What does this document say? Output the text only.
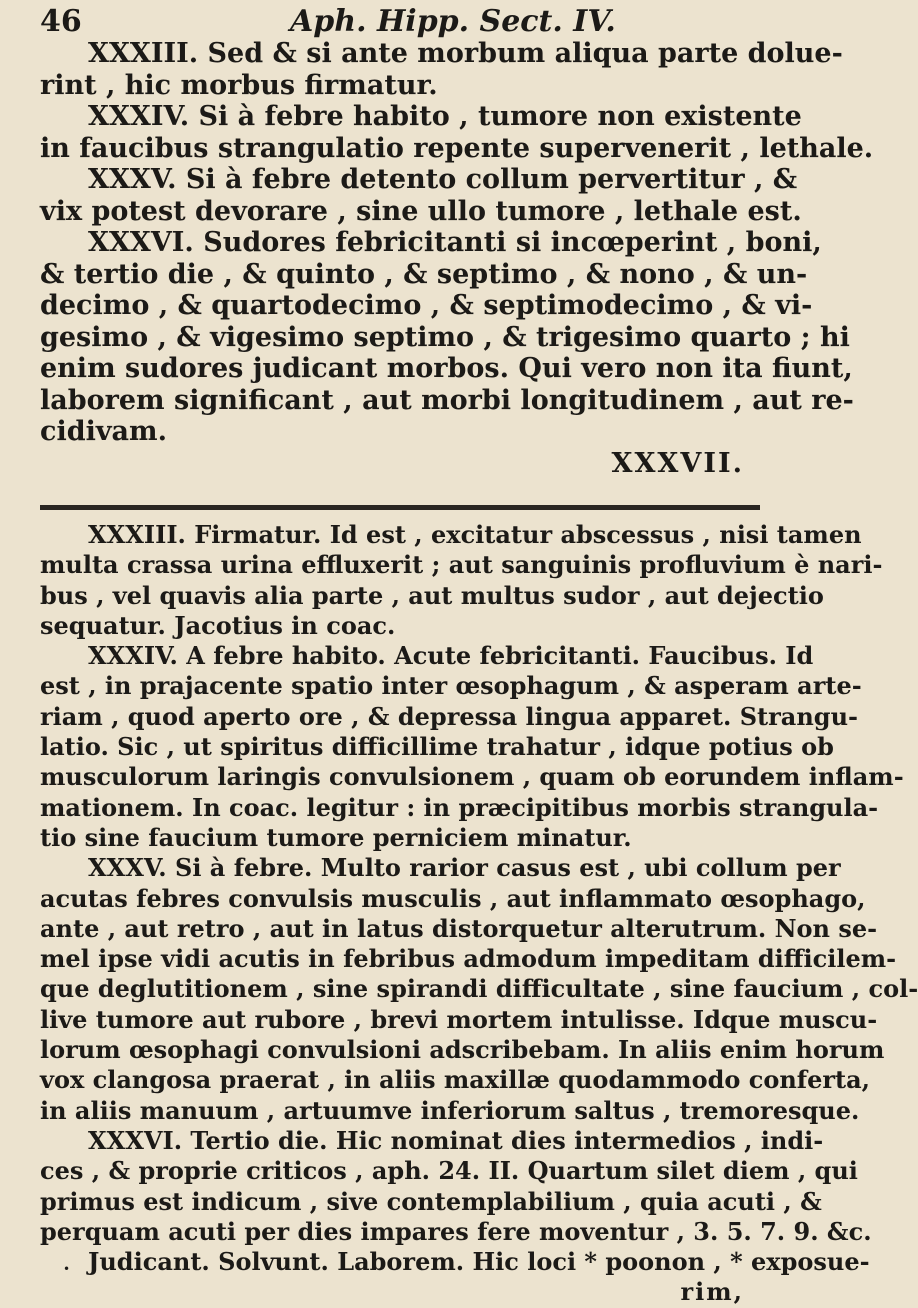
46	Aph. Hipp. Sect. IV.
XXXIII. Sed & si ante morbum aliqua parte dolue-
rint , hic morbus firmatur.
XXXIV. Si à febre habito , tumore non existente
in faucibus strangulatio repente supervenerit , lethale.
XXXV. Si à febre detento collum pervertitur , &
vix potest devorare , sine ullo tumore , lethale est.
XXXVI. Sudores febricitanti si incœperint , boni,
& tertio die , & quinto , & septimo , & nono , & un-
decimo , & quartodecimo , & septimodecimo , & vi-
gesimo , & vigesimo septimo , & trigesimo quarto ; hi
enim sudores judicant morbos. Qui vero non ita fiunt,
laborem significant , aut morbi longitudinem , aut re-
cidivam.
XXXVII.
XXXIII. Firmatur. Id est , excitatur abscessus , nisi tamen
multa crassa urina effluxerit ; aut sanguinis profluvium è nari-
bus , vel quavis alia parte , aut multus sudor , aut dejectio
sequatur. Jacotius in coac.
XXXIV. A febre habito. Acute febricitanti. Faucibus. Id
est , in prajacente spatio inter œsophagum , & asperam arte-
riam , quod aperto ore , & depressa lingua apparet. Strangu-
latio. Sic , ut spiritus difficillime trahatur , idque potius ob
musculorum laringis convulsionem , quam ob eorundem inflam-
mationem. In coac. legitur : in præcipitibus morbis strangula-
tio sine faucium tumore perniciem minatur.
XXXV. Si à febre. Multo rarior casus est , ubi collum per
acutas febres convulsis musculis , aut inflammato œsophago,
ante , aut retro , aut in latus distorquetur alterutrum. Non se-
mel ipse vidi acutis in febribus admodum impeditam difficilem-
que deglutitionem , sine spirandi difficultate , sine faucium , col-
live tumore aut rubore , brevi mortem intulisse. Idque muscu-
lorum œsophagi convulsioni adscribebam. In aliis enim horum
vox clangosa praerat , in aliis maxillæ quodammodo conferta,
in aliis manuum , artuumve inferiorum saltus , tremoresque.
XXXVI. Tertio die. Hic nominat dies intermedios , indi-
ces , & proprie criticos , aph. 24. II. Quartum silet diem , qui
primus est indicum , sive contemplabilium , quia acuti , &
perquam acuti per dies impares fere moventur , 3. 5. 7. 9. &c.
Judicant. Solvunt. Laborem. Hic loci * poonon , * exposue-
rim,
•
